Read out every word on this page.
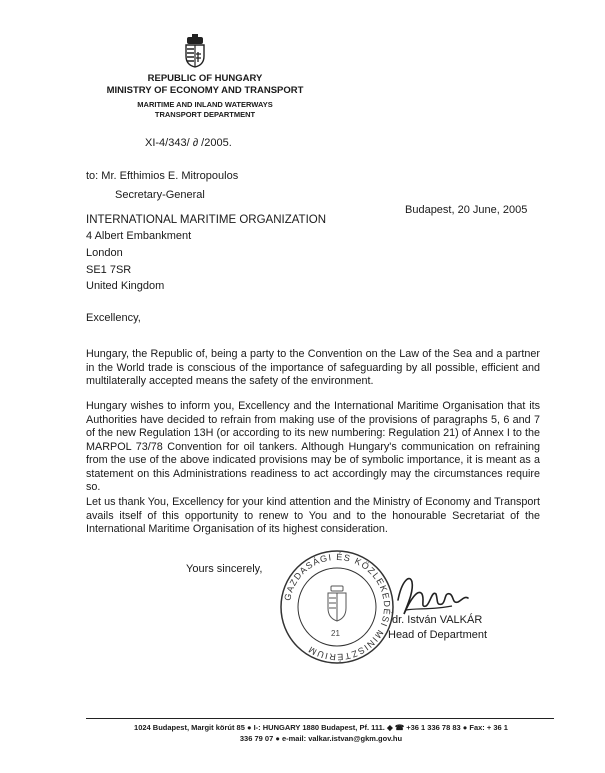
REPUBLIC OF HUNGARY
MINISTRY OF ECONOMY AND TRANSPORT
MARITIME AND INLAND WATERWAYS
TRANSPORT DEPARTMENT
XI-4/343/ ∂ /2005.
to: Mr. Efthimios E. Mitropoulos
Secretary-General
Budapest, 20 June, 2005
INTERNATIONAL MARITIME ORGANIZATION
4 Albert Embankment
London
SE1 7SR
United Kingdom
Excellency,
Hungary, the Republic of, being a party to the Convention on the Law of the Sea and a partner in the World trade is conscious of the importance of safeguarding by all possible, efficient and multilaterally accepted means the safety of the environment.
Hungary wishes to inform you, Excellency and the International Maritime Organisation that its Authorities have decided to refrain from making use of the provisions of paragraphs 5, 6 and 7 of the new Regulation 13H (or according to its new numbering: Regulation 21) of Annex I to the MARPOL 73/78 Convention for oil tankers. Although Hungary's communication on refraining from the use of the above indicated provisions may be of symbolic importance, it is meant as a statement on this Administrations readiness to act accordingly may the circumstances require so.
Let us thank You, Excellency for your kind attention and the Ministry of Economy and Transport avails itself of this opportunity to renew to You and to the honourable Secretariat of the International Maritime Organisation of its highest consideration.
Yours sincerely,
GAZDASÁGI ÉS KÖZLEKEDÉSI MINISZTÉRIUM
21
dr. István VALKÁR
Head of Department
1024 Budapest, Margit körút 85 ● I-: HUNGARY 1880 Budapest, Pf. 111. ◆ ☎ +36 1 336 78 83 ● Fax: + 36 1
336 79 07 ● e-mail: valkar.istvan@gkm.gov.hu
